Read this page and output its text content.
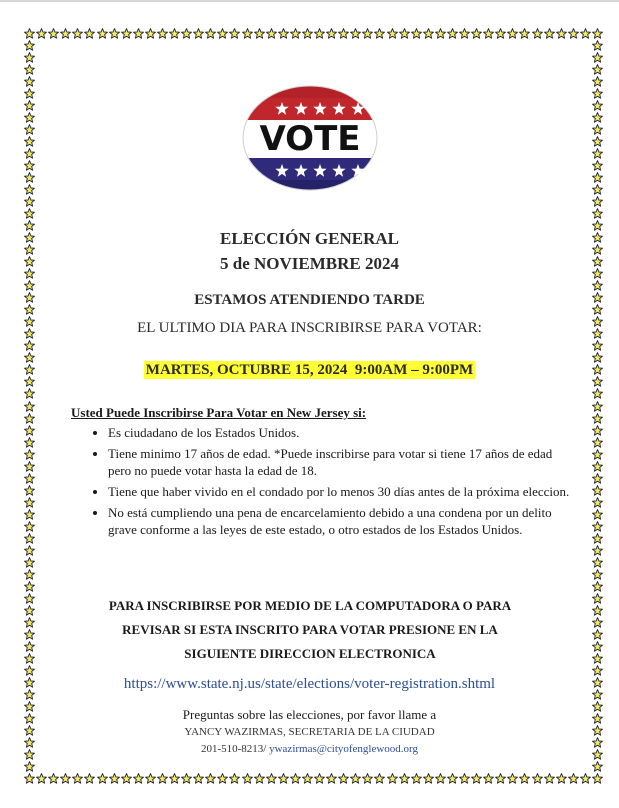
VOTE
ELECCIÓN GENERAL
5 de NOVIEMBRE 2024
ESTAMOS ATENDIENDO TARDE
EL ULTIMO DIA PARA INSCRIBIRSE PARA VOTAR:
MARTES, OCTUBRE 15, 2024  9:00AM – 9:00PM
Usted Puede Inscribirse Para Votar en New Jersey si:
• Es ciudadano de los Estados Unidos.
• Tiene minimo 17 años de edad. *Puede inscribirse para votar si tiene 17 años de edad pero no puede votar hasta la edad de 18.
• Tiene que haber vivido en el condado por lo menos 30 días antes de la próxima eleccion.
• No está cumpliendo una pena de encarcelamiento debido a una condena por un delito grave conforme a las leyes de este estado, o otro estados de los Estados Unidos.
PARA INSCRIBIRSE POR MEDIO DE LA COMPUTADORA O PARA
REVISAR SI ESTA INSCRITO PARA VOTAR PRESIONE EN LA
SIGUIENTE DIRECCION ELECTRONICA
https://www.state.nj.us/state/elections/voter-registration.shtml
Preguntas sobre las elecciones, por favor llame a
YANCY WAZIRMAS, SECRETARIA DE LA CIUDAD
201-510-8213/ ywazirmas@cityofenglewood.org
